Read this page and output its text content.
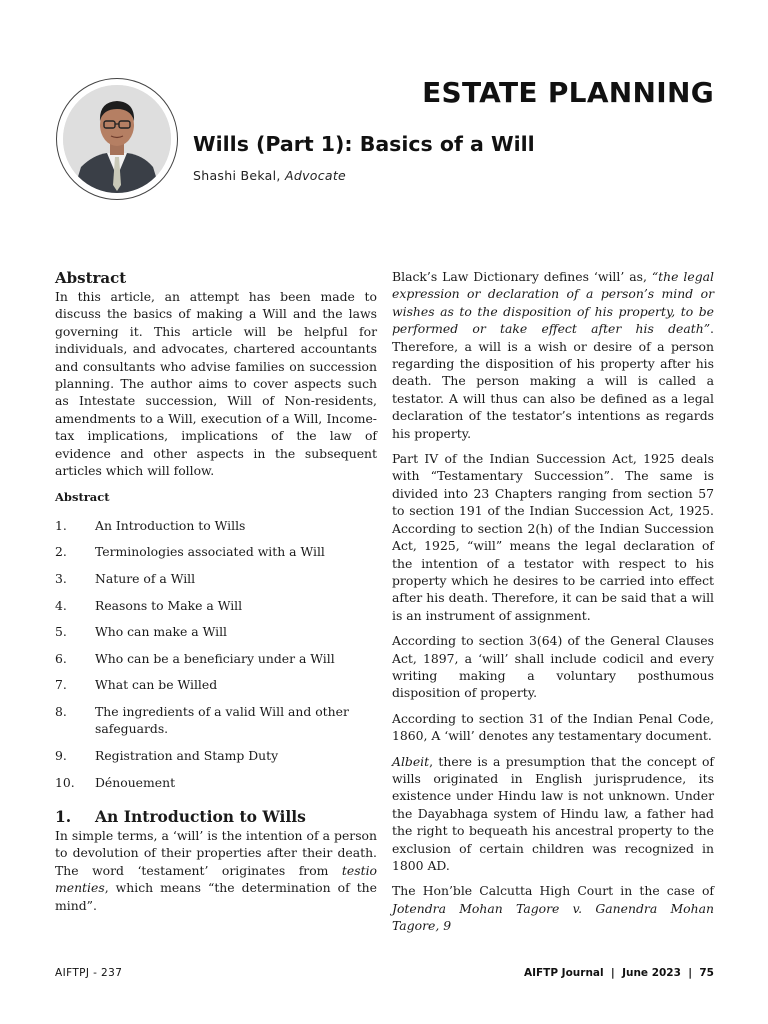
ESTATE PLANNING
Wills (Part 1): Basics of a Will
Shashi Bekal, Advocate
Abstract

In this article, an attempt has been made to discuss the basics of making a Will and the laws governing it. This article will be helpful for individuals, and advocates, chartered accountants and consultants who advise families on succession planning. The author aims to cover aspects such as Intestate succession, Will of Non-residents, amendments to a Will, execution of a Will, Income-tax implications, implications of the law of evidence and other aspects in the subsequent articles which will follow.

Abstract
1.	An Introduction to Wills
2.	Terminologies associated with a Will
3.	Nature of a Will
4.	Reasons to Make a Will
5.	Who can make a Will
6.	Who can be a beneficiary under a Will
7.	What can be Willed
8.	The ingredients of a valid Will and other safeguards.
9.	Registration and Stamp Duty
10.	Dénouement
1.	An Introduction to Wills

In simple terms, a ‘will’ is the intention of a person to devolution of their properties after their death. The word ‘testament’ originates from testio menties, which means “the determination of the mind”.

Black’s Law Dictionary defines ‘will’ as, “the legal expression or declaration of a person’s mind or wishes as to the disposition of his property, to be performed or take effect after his death”. Therefore, a will is a wish or desire of a person regarding the disposition of his property after his death. The person making a will is called a testator. A will thus can also be defined as a legal declaration of the testator’s intentions as regards his property.

Part IV of the Indian Succession Act, 1925 deals with “Testamentary Succession”. The same is divided into 23 Chapters ranging from section 57 to section 191 of the Indian Succession Act, 1925. According to section 2(h) of the Indian Succession Act, 1925, “will” means the legal declaration of the intention of a testator with respect to his property which he desires to be carried into effect after his death. Therefore, it can be said that a will is an instrument of assignment.

According to section 3(64) of the General Clauses Act, 1897, a ‘will’ shall include codicil and every writing making a voluntary posthumous disposition of property.

According to section 31 of the Indian Penal Code, 1860, A ‘will’ denotes any testamentary document.

Albeit, there is a presumption that the concept of wills originated in English jurisprudence, its existence under Hindu law is not unknown. Under the Dayabhaga system of Hindu law, a father had the right to bequeath his ancestral property to the exclusion of certain children was recognized in 1800 AD.

The Hon’ble Calcutta High Court in the case of Jotendra Mohan Tagore v. Ganendra Mohan Tagore, 9

AIFTPJ - 237	AIFTP Journal  |  June 2023  |  75
